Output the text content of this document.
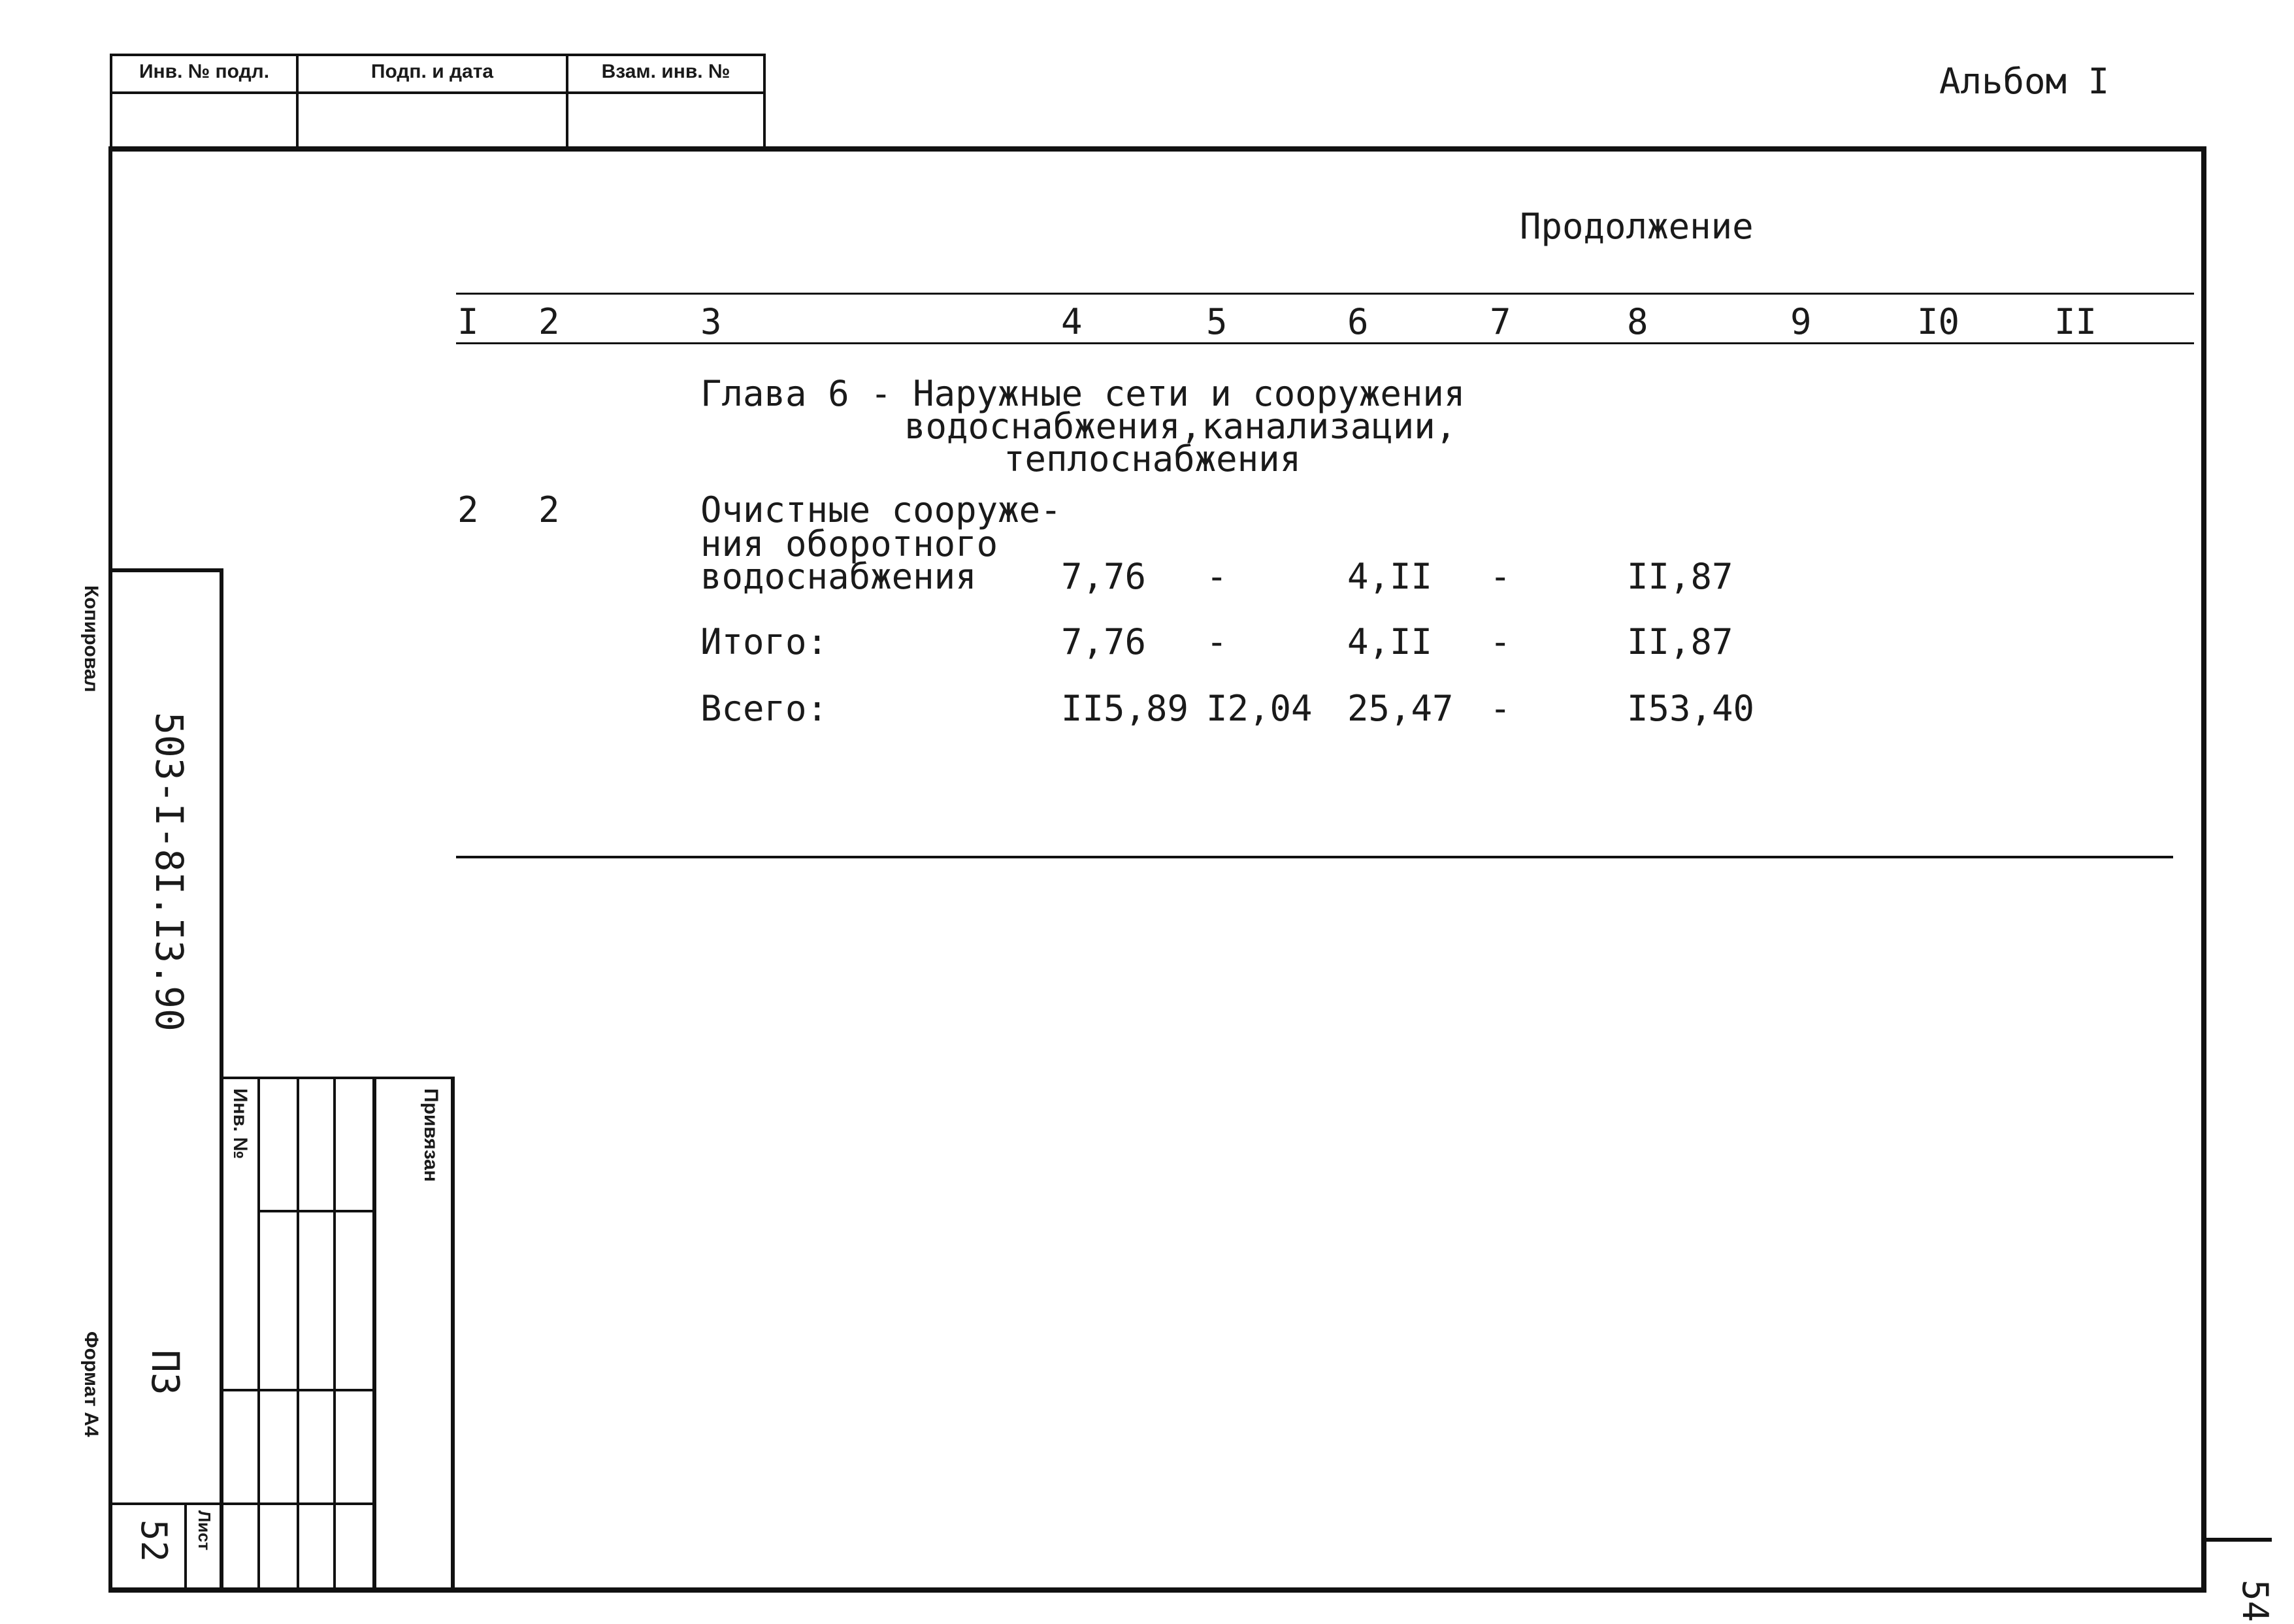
Инв. № подл.	Подп. и дата	Взам. инв. №	Альбом I
Продолжение
I 2	3	4	5	6	7	8	9	I0	II
Глава 6 - Наружные сети и сооружения
водоснабжения,канализации,
теплоснабжения
2 2	Очистные сооруже-
ния оборотного
водоснабжения 7,76 -	4,II -	II,87
Итого:	7,76 -	4,II -	II,87
Всего:	II5,89 I2,04 25,47 -	I53,40
503-I-8I.I3.90
ПЗ
52 Лист
Инв. №	Привязан
Копировал
Формат А4
54
